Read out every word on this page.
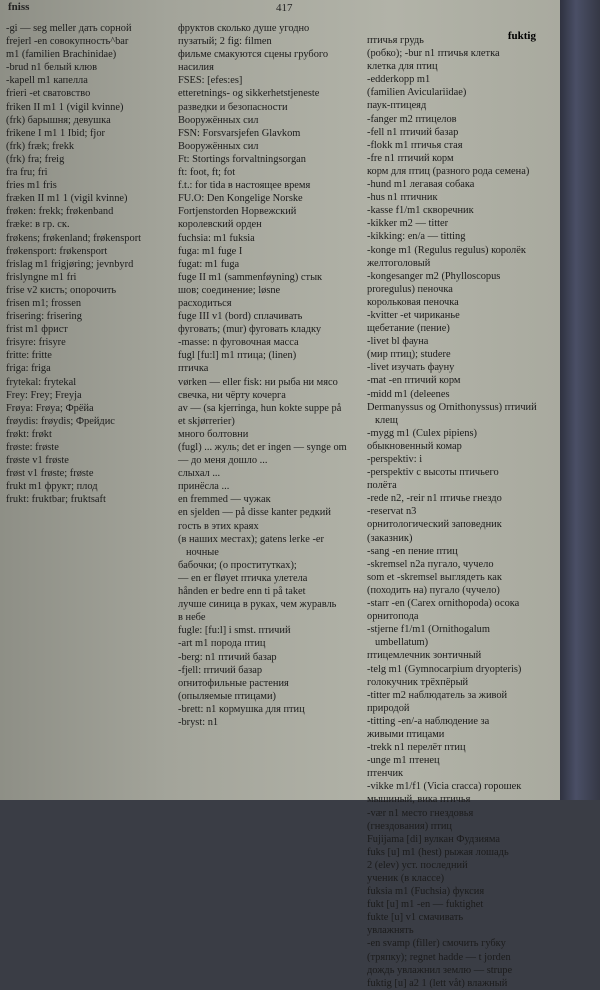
fniss	417
fuktig

-gi — seg meller дать сорной

frejerl -en совокупность^bar

m1 (familien Brachinidae)

-brud n1 белый клюв

-kapell m1 капелла

frieri -et сватовство

friken II m1 1 (vigil kvinne)

(frk) барышня; девушка

frikene I m1 1 Ibid; fjor

(frk) fræk; frekk

(frk) fra; freig

fra fru; fri

fries m1 fris

fræken II m1 1 (vigil kvinne)

frøken: frekk; frøkenband

fræke: в гр. ск.

frøkens; frøkenland; frøkensport

frøkensport: frøkensport

frislag m1 frigjøring; jevnbyrd

frislyngne m1 fri

frise v2 кисть; опорочить

frisen m1; frossen

frisering: frisering

frist m1 фрист

frisyre: frisyre

fritte: fritte

friga: friga

frytekal: frytekal

Frey: Frey; Freyja

Frøya: Frøya; Фрёйа

frøydis: frøydis; Фрейдис

frøkt: frøkt

frøste: frøste

frøste v1 frøste

frøst v1 frøste; frøste

frukt m1 фрукт; плод

frukt: fruktbar; fruktsaft

фруктов сколько душе угодно

пузатый; 2 fig: filmen

фильме смакуются сцены грубого

насилия

FSES: [efes:es]

etteretnings- og sikkerhetstjeneste

разведки и безопасности

Вооружённых сил

FSN: Forsvarsjefen Glavkom

Вооружённых сил

Ft: Stortings forvaltningsorgan

ft: foot, ft; fot

f.t.: for tida в настоящее время

FU.O: Den Kongelige Norske

Fortjenstorden Норвежский

королевский орден

fuchsia: m1 fuksia

fuga: m1 fuge I

fugat: m1 fuga

fuge II m1 (sammenføyning) стык

шов; соединение; løsne

расходиться

fuge III v1 (bord) сплачивать

фуговать; (mur) фуговать кладку

-masse: n фуговочная масса

fugl [fu:l] m1 птица; (linen)

птичка

vørken — eller fisk: ни рыба ни мясо

свечка, ни чёрту кочерга

av — (sa kjerringa, hun kokte suppe på

et skjørrerier)

много болтовни

(fugl) ... жуль; det er ingen — synge om

— до меня дошло ...

слыхал ...

принёсла ...

en fremmed — чужак

en sjelden — på disse kanter редкий

гость в этих краях

(в наших местах); gatens lerke -er ночные

бабочки; (о проститутках);

— en er fløyet птичка улетела

hånden er bedre enn ti på taket

лучше синица в руках, чем журавль

в небе

fugle: [fu:l] i smst. птичий

-art m1 порода птиц

-berg: n1 птичий базар

-fjell: птичий базар

orнитофильные растения

(опыляемые птицами)

-brett: n1 кормушка для птиц

-bryst: n1

птичья грудь

(робко); -bur n1 птичья клетка

клетка для птиц

-edderkopp m1

(familien Aviculariidae)

паук-птицеяд

-fanger m2 птицелов

-fell n1 птичий базар

-flokk m1 птичья стая

-fre n1 птичий корм

корм для птиц (разного рода семена)

-hund m1 легавая собака

-hus n1 птичник

-kasse f1/m1 скворечник

-kikker m2 — titter

-kikking: en/a — titting

-konge m1 (Regulus regulus) королёк

желтоголовый

-kongesanger m2 (Phylloscopus

proregulus) пеночка

корольковая пеночка

-kvitter -et чириканье

щебетание (пение)

-livet bl фауна

(мир птиц); studere

-livet изучать фауну

-mat -en птичий корм

-midd m1 (deleenes

Dermanyssus og Ornithonyssus) птичий клещ

-mygg m1 (Culex pipiens)

обыкновенный комар

-perspektiv: i

-perspektiv с высоты птичьего

полёта

-rede n2, -reir n1 птичье гнездо

-reservat n3

орнитологический заповедник

(заказник)

-sang -en пение птиц

-skremsel n2a пугало, чучело

som et -skremsel выглядеть как

(походить на) пугало (чучело)

-starr -en (Carex ornithopoda) осока

орнитопода

-stjerne f1/m1 (Ornithogalum umbellatum)

птицемлечник зонтичный

-telg m1 (Gymnocarpium dryopteris)

голокучник трёхпёрый

-titter m2 наблюдатель за живой

природой

-titting -en/-a наблюдение за

живыми птицами

-trekk n1 перелёт птиц

-unge m1 птенец

птенчик

-vikke m1/f1 (Vicia cracca) горошек

мышиный, вика птичья

-vær n1 место гнездовья

(гнездования) птиц

Fujijama [di] вулкан Фудзияма

fuks [u] m1 (hest) рыжая лошадь

2 (elev) уст. последний

ученик (в классе)

fuksia m1 (Fuchsia) фуксия

fukt [u] m1 -en — fuktighet

fukte [u] v1 смачивать

увлажнять

-en svamp (filler) смочить губку

(тряпку); regnet hadde — t jorden

дождь увлажнил землю — strupe

fuktig [u] a2 1 (lett våt) влажный
